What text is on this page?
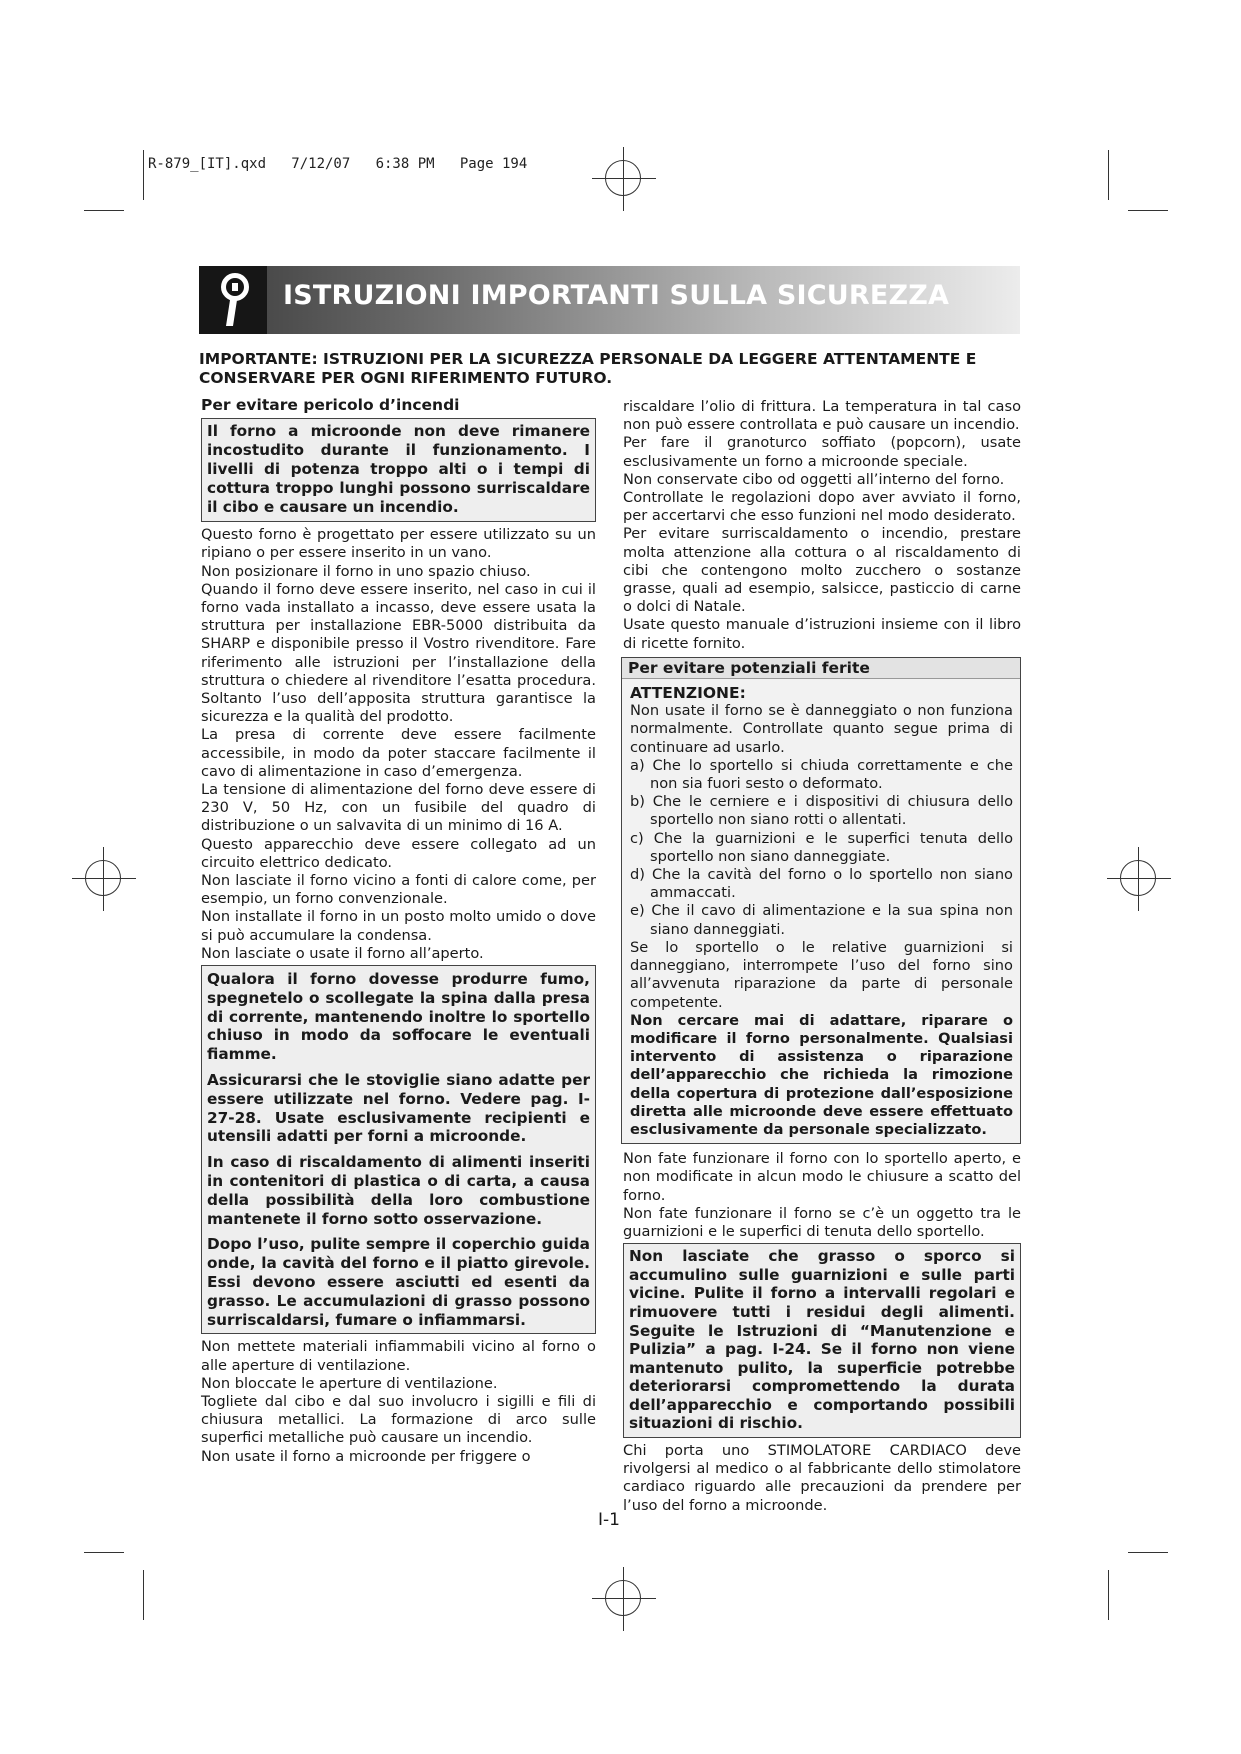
R-879_[IT].qxd   7/12/07   6:38 PM   Page 194
ISTRUZIONI IMPORTANTI SULLA SICUREZZA

IMPORTANTE: ISTRUZIONI PER LA SICUREZZA PERSONALE DA LEGGERE ATTENTAMENTE E CONSERVARE PER OGNI RIFERIMENTO FUTURO.

Per evitare pericolo d’incendi

Il forno a microonde non deve rimanere incostudito durante il funzionamento. I livelli di potenza troppo alti o i tempi di cottura troppo lunghi possono surriscaldare il cibo e causare un incendio.

Questo forno è progettato per essere utilizzato su un ripiano o per essere inserito in un vano.

Non posizionare il forno in uno spazio chiuso.

Quando il forno deve essere inserito, nel caso in cui il forno vada installato a incasso, deve essere usata la struttura per installazione EBR-5000 distribuita da SHARP e disponibile presso il Vostro rivenditore. Fare riferimento alle istruzioni per l’installazione della struttura o chiedere al rivenditore l’esatta procedura. Soltanto l’uso dell’apposita struttura garantisce la sicurezza e la qualità del prodotto.

La presa di corrente deve essere facilmente accessibile, in modo da poter staccare facilmente il cavo di alimentazione in caso d’emergenza.

La tensione di alimentazione del forno deve essere di 230 V, 50 Hz, con un fusibile del quadro di distribuzione o un salvavita di un minimo di 16 A.

Questo apparecchio deve essere collegato ad un circuito elettrico dedicato.

Non lasciate il forno vicino a fonti di calore come, per esempio, un forno convenzionale.

Non installate il forno in un posto molto umido o dove si può accumulare la condensa.

Non lasciate o usate il forno all’aperto.

Qualora il forno dovesse produrre fumo, spegnetelo o scollegate la spina dalla presa di corrente, mantenendo inoltre lo sportello chiuso in modo da soffocare le eventuali fiamme.

Assicurarsi che le stoviglie siano adatte per essere utilizzate nel forno. Vedere pag. I-27-28. Usate esclusivamente recipienti e utensili adatti per forni a microonde.

In caso di riscaldamento di alimenti inseriti in contenitori di plastica o di carta, a causa della possibilità della loro combustione mantenete il forno sotto osservazione.

Dopo l’uso, pulite sempre il coperchio guida onde, la cavità del forno e il piatto girevole. Essi devono essere asciutti ed esenti da grasso. Le accumulazioni di grasso possono surriscaldarsi, fumare o infiammarsi.

Non mettete materiali infiammabili vicino al forno o alle aperture di ventilazione.

Non bloccate le aperture di ventilazione.

Togliete dal cibo e dal suo involucro i sigilli e fili di chiusura metallici. La formazione di arco sulle superfici metalliche può causare un incendio.

Non usate il forno a microonde per friggere o

riscaldare l’olio di frittura. La temperatura in tal caso non può essere controllata e può causare un incendio.

Per fare il granoturco soffiato (popcorn), usate esclusivamente un forno a microonde speciale.

Non conservate cibo od oggetti all’interno del forno.

Controllate le regolazioni dopo aver avviato il forno, per accertarvi che esso funzioni nel modo desiderato.

Per evitare surriscaldamento o incendio, prestare molta attenzione alla cottura o al riscaldamento di cibi che contengono molto zucchero o sostanze grasse, quali ad esempio, salsicce, pasticcio di carne o dolci di Natale.

Usate questo manuale d’istruzioni insieme con il libro di ricette fornito.

Per evitare potenziali ferite
ATTENZIONE:

Non usate il forno se è danneggiato o non funziona normalmente. Controllate quanto segue prima di continuare ad usarlo.

a) Che lo sportello si chiuda correttamente e che non sia fuori sesto o deformato.

b) Che le cerniere e i dispositivi di chiusura dello sportello non siano rotti o allentati.

c) Che la guarnizioni e le superfici tenuta dello sportello non siano danneggiate.

d) Che la cavità del forno o lo sportello non siano ammaccati.

e) Che il cavo di alimentazione e la sua spina non siano danneggiati.

Se lo sportello o le relative guarnizioni si danneggiano, interrompete l’uso del forno sino all’avvenuta riparazione da parte di personale competente.

Non cercare mai di adattare, riparare o modificare il forno personalmente. Qualsiasi intervento di assistenza o riparazione dell’apparecchio che richieda la rimozione della copertura di protezione dall’esposizione diretta alle microonde deve essere effettuato esclusivamente da personale specializzato.

Non fate funzionare il forno con lo sportello aperto, e non modificate in alcun modo le chiusure a scatto del forno.

Non fate funzionare il forno se c’è un oggetto tra le guarnizioni e le superfici di tenuta dello sportello.

Non lasciate che grasso o sporco si accumulino sulle guarnizioni e sulle parti vicine. Pulite il forno a intervalli regolari e rimuovere tutti i residui degli alimenti. Seguite le Istruzioni di “Manutenzione e Pulizia” a pag. I-24. Se il forno non viene mantenuto pulito, la superficie potrebbe deteriorarsi compromettendo la durata dell’apparecchio e comportando possibili situazioni di rischio.

Chi porta uno STIMOLATORE CARDIACO deve rivolgersi al medico o al fabbricante dello stimolatore cardiaco riguardo alle precauzioni da prendere per l’uso del forno a microonde.

I-1
